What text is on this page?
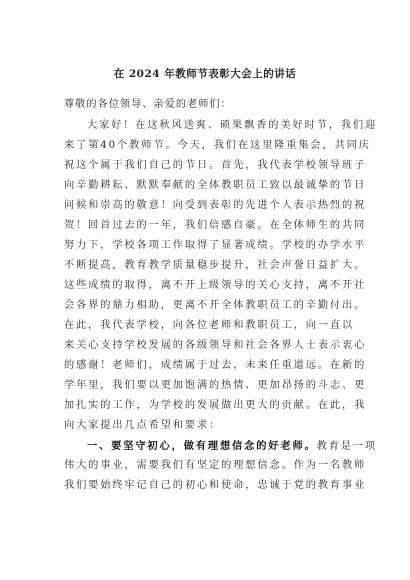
在 2024 年教师节表彰大会上的讲话
尊敬的各位领导、亲爱的老师们：
大家好！在这秋风送爽、硕果飘香的美好时节，我们迎
来了第40个教师节。今天，我们在这里隆重集会，共同庆
祝这个属于我们自己的节日。首先，我代表学校领导班子
向辛勤耕耘、默默奉献的全体教职员工致以最诚挚的节日
问候和崇高的敬意！向受到表彰的先进个人表示热烈的祝
贺！回首过去的一年，我们倍感自豪。在全体师生的共同
努力下，学校各项工作取得了显著成绩。学校的办学水平
不断提高，教育教学质量稳步提升，社会声誉日益扩大。
这些成绩的取得，离不开上级领导的关心支持，离不开社
会各界的鼎力相助，更离不开全体教职员工的辛勤付出。
在此，我代表学校，向各位老师和教职员工，向一直以
来关心支持学校发展的各级领导和社会各界人士表示衷心
的感谢！老师们，成绩属于过去，未来任重道远。在新的
学年里，我们要以更加饱满的热情、更加昂扬的斗志、更
加扎实的工作，为学校的发展做出更大的贡献。在此，我
向大家提出几点希望和要求：
一、要坚守初心，做有理想信念的好老师。教育是一项
伟大的事业，需要我们有坚定的理想信念。作为一名教师
我们要始终牢记自己的初心和使命，忠诚于党的教育事业
